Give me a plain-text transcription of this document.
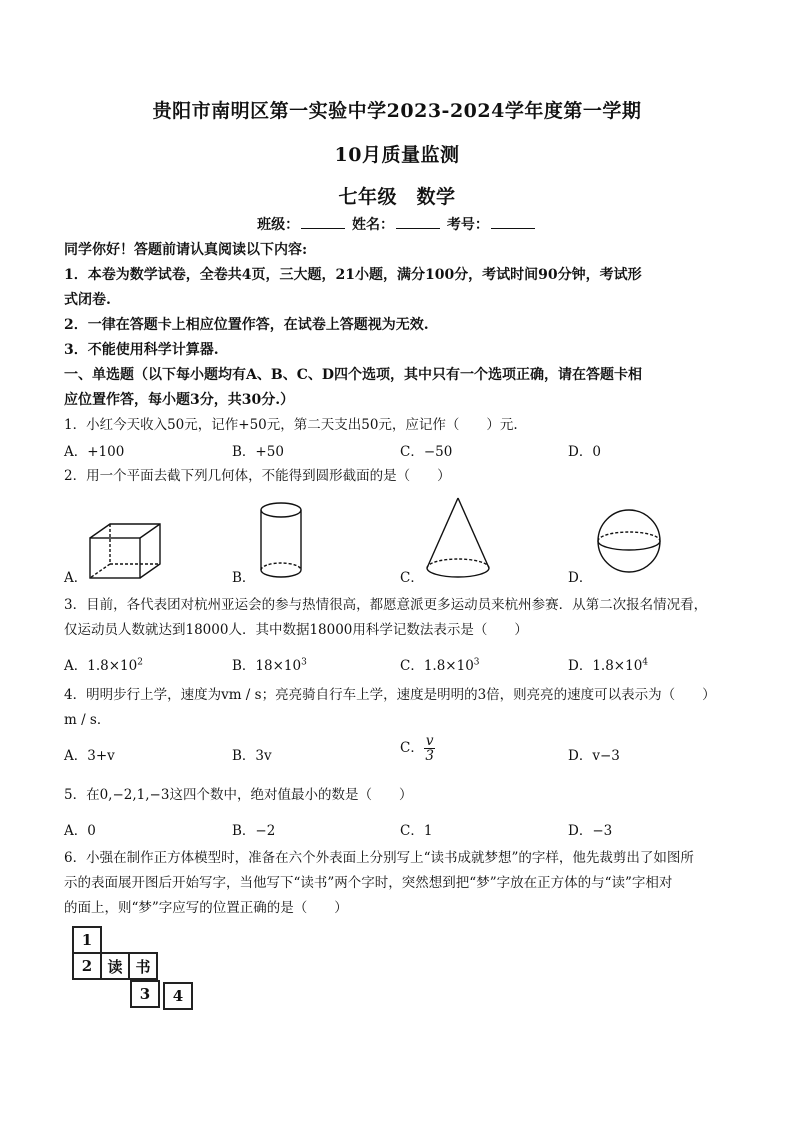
贵阳市南明区第一实验中学2023-2024学年度第一学期
10月质量监测
七年级　数学
班级：	姓名：	考号：
同学你好！答题前请认真阅读以下内容:
1．本卷为数学试卷，全卷共4页，三大题，21小题，满分100分，考试时间90分钟，考试形
式闭卷.
2．一律在答题卡上相应位置作答，在试卷上答题视为无效.
3．不能使用科学计算器.
一、单选题（以下每小题均有A、B、C、D四个选项，其中只有一个选项正确，请在答题卡相
应位置作答，每小题3分，共30分.）
1．小红今天收入50元，记作+50元，第二天支出50元，应记作（　　）元.
A．+100	B．+50	C．−50	D．0
2．用一个平面去截下列几何体，不能得到圆形截面的是（　　）
A．	B．	C．	D．
3．目前，各代表团对杭州亚运会的参与热情很高，都愿意派更多运动员来杭州参赛．从第二次报名情况看，
仅运动员人数就达到18000人．其中数据18000用科学记数法表示是（　　）
A．$1.8\times 10^2$	B．$18\times 10^3$	C．$1.8\times 10^3$	D．$1.8\times 10^4$
4．明明步行上学，速度为vm / s；亮亮骑自行车上学，速度是明明的3倍，则亮亮的速度可以表示为（　　）
m / s．
A．3+v	B．3v	C． $\frac{v}{3}$	D．v−3
5．在0,−2,1,−3这四个数中，绝对值最小的数是（　　）
A．0	B．−2	C．1	D．−3
6．小强在制作正方体模型时，准备在六个外表面上分别写上“读书成就梦想”的字样，他先裁剪出了如图所
示的表面展开图后开始写字，当他写下“读书”两个字时，突然想到把“梦”字放在正方体的与“读”字相对
的面上，则“梦”字应写的位置正确的是（　　）
1
2	读 书
3	4
